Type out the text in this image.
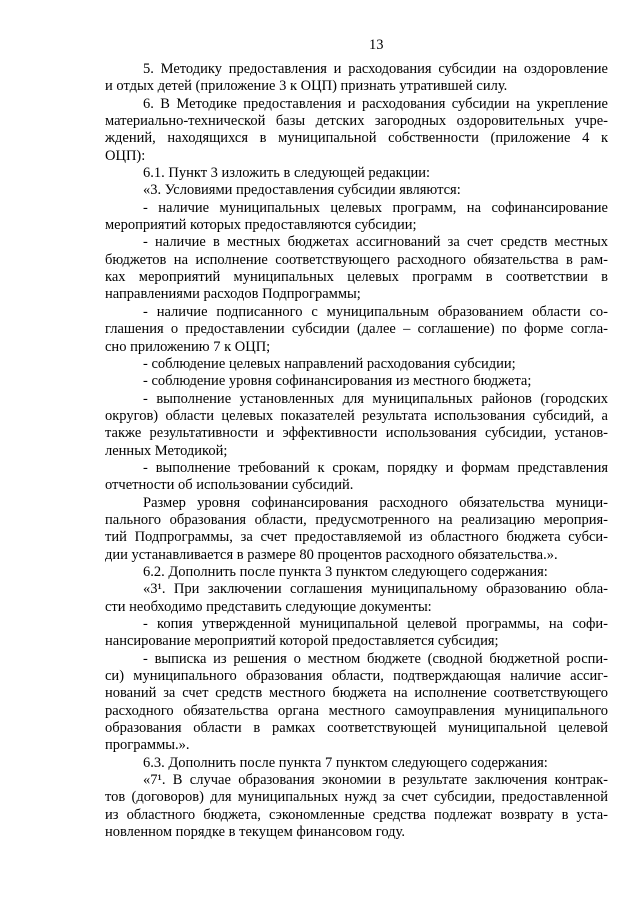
13
5. Методику предоставления и расходования субсидии на оздоровление
и отдых детей (приложение 3 к ОЦП) признать утратившей силу.
6. В Методике предоставления и расходования субсидии на укрепление
материально-технической базы детских загородных оздоровительных учре-
ждений, находящихся в муниципальной собственности (приложение 4 к
ОЦП):
6.1. Пункт 3 изложить в следующей редакции:
«3. Условиями предоставления субсидии являются:
- наличие муниципальных целевых программ, на софинансирование
мероприятий которых предоставляются субсидии;
- наличие в местных бюджетах ассигнований за счет средств местных
бюджетов на исполнение соответствующего расходного обязательства в рам-
ках мероприятий муниципальных целевых программ в соответствии в
направлениями расходов Подпрограммы;
- наличие подписанного с муниципальным образованием области со-
глашения о предоставлении субсидии (далее – соглашение) по форме согла-
сно приложению 7 к ОЦП;
- соблюдение целевых направлений расходования субсидии;
- соблюдение уровня софинансирования из местного бюджета;
- выполнение установленных для муниципальных районов (городских
округов) области целевых показателей результата использования субсидий, а
также результативности и эффективности использования субсидии, установ-
ленных Методикой;
- выполнение требований к срокам, порядку и формам представления
отчетности об использовании субсидий.
Размер уровня софинансирования расходного обязательства муници-
пального образования области, предусмотренного на реализацию мероприя-
тий Подпрограммы, за счет предоставляемой из областного бюджета субси-
дии устанавливается в размере 80 процентов расходного обязательства.».
6.2. Дополнить после пункта 3 пунктом следующего содержания:
«3¹. При заключении соглашения муниципальному образованию обла-
сти необходимо представить следующие документы:
- копия утвержденной муниципальной целевой программы, на софи-
нансирование мероприятий которой предоставляется субсидия;
- выписка из решения о местном бюджете (сводной бюджетной роспи-
си) муниципального образования области, подтверждающая наличие ассиг-
нований за счет средств местного бюджета на исполнение соответствующего
расходного обязательства органа местного самоуправления муниципального
образования области в рамках соответствующей муниципальной целевой
программы.».
6.3. Дополнить после пункта 7 пунктом следующего содержания:
«7¹. В случае образования экономии в результате заключения контрак-
тов (договоров) для муниципальных нужд за счет субсидии, предоставленной
из областного бюджета, сэкономленные средства подлежат возврату в уста-
новленном порядке в текущем финансовом году.
